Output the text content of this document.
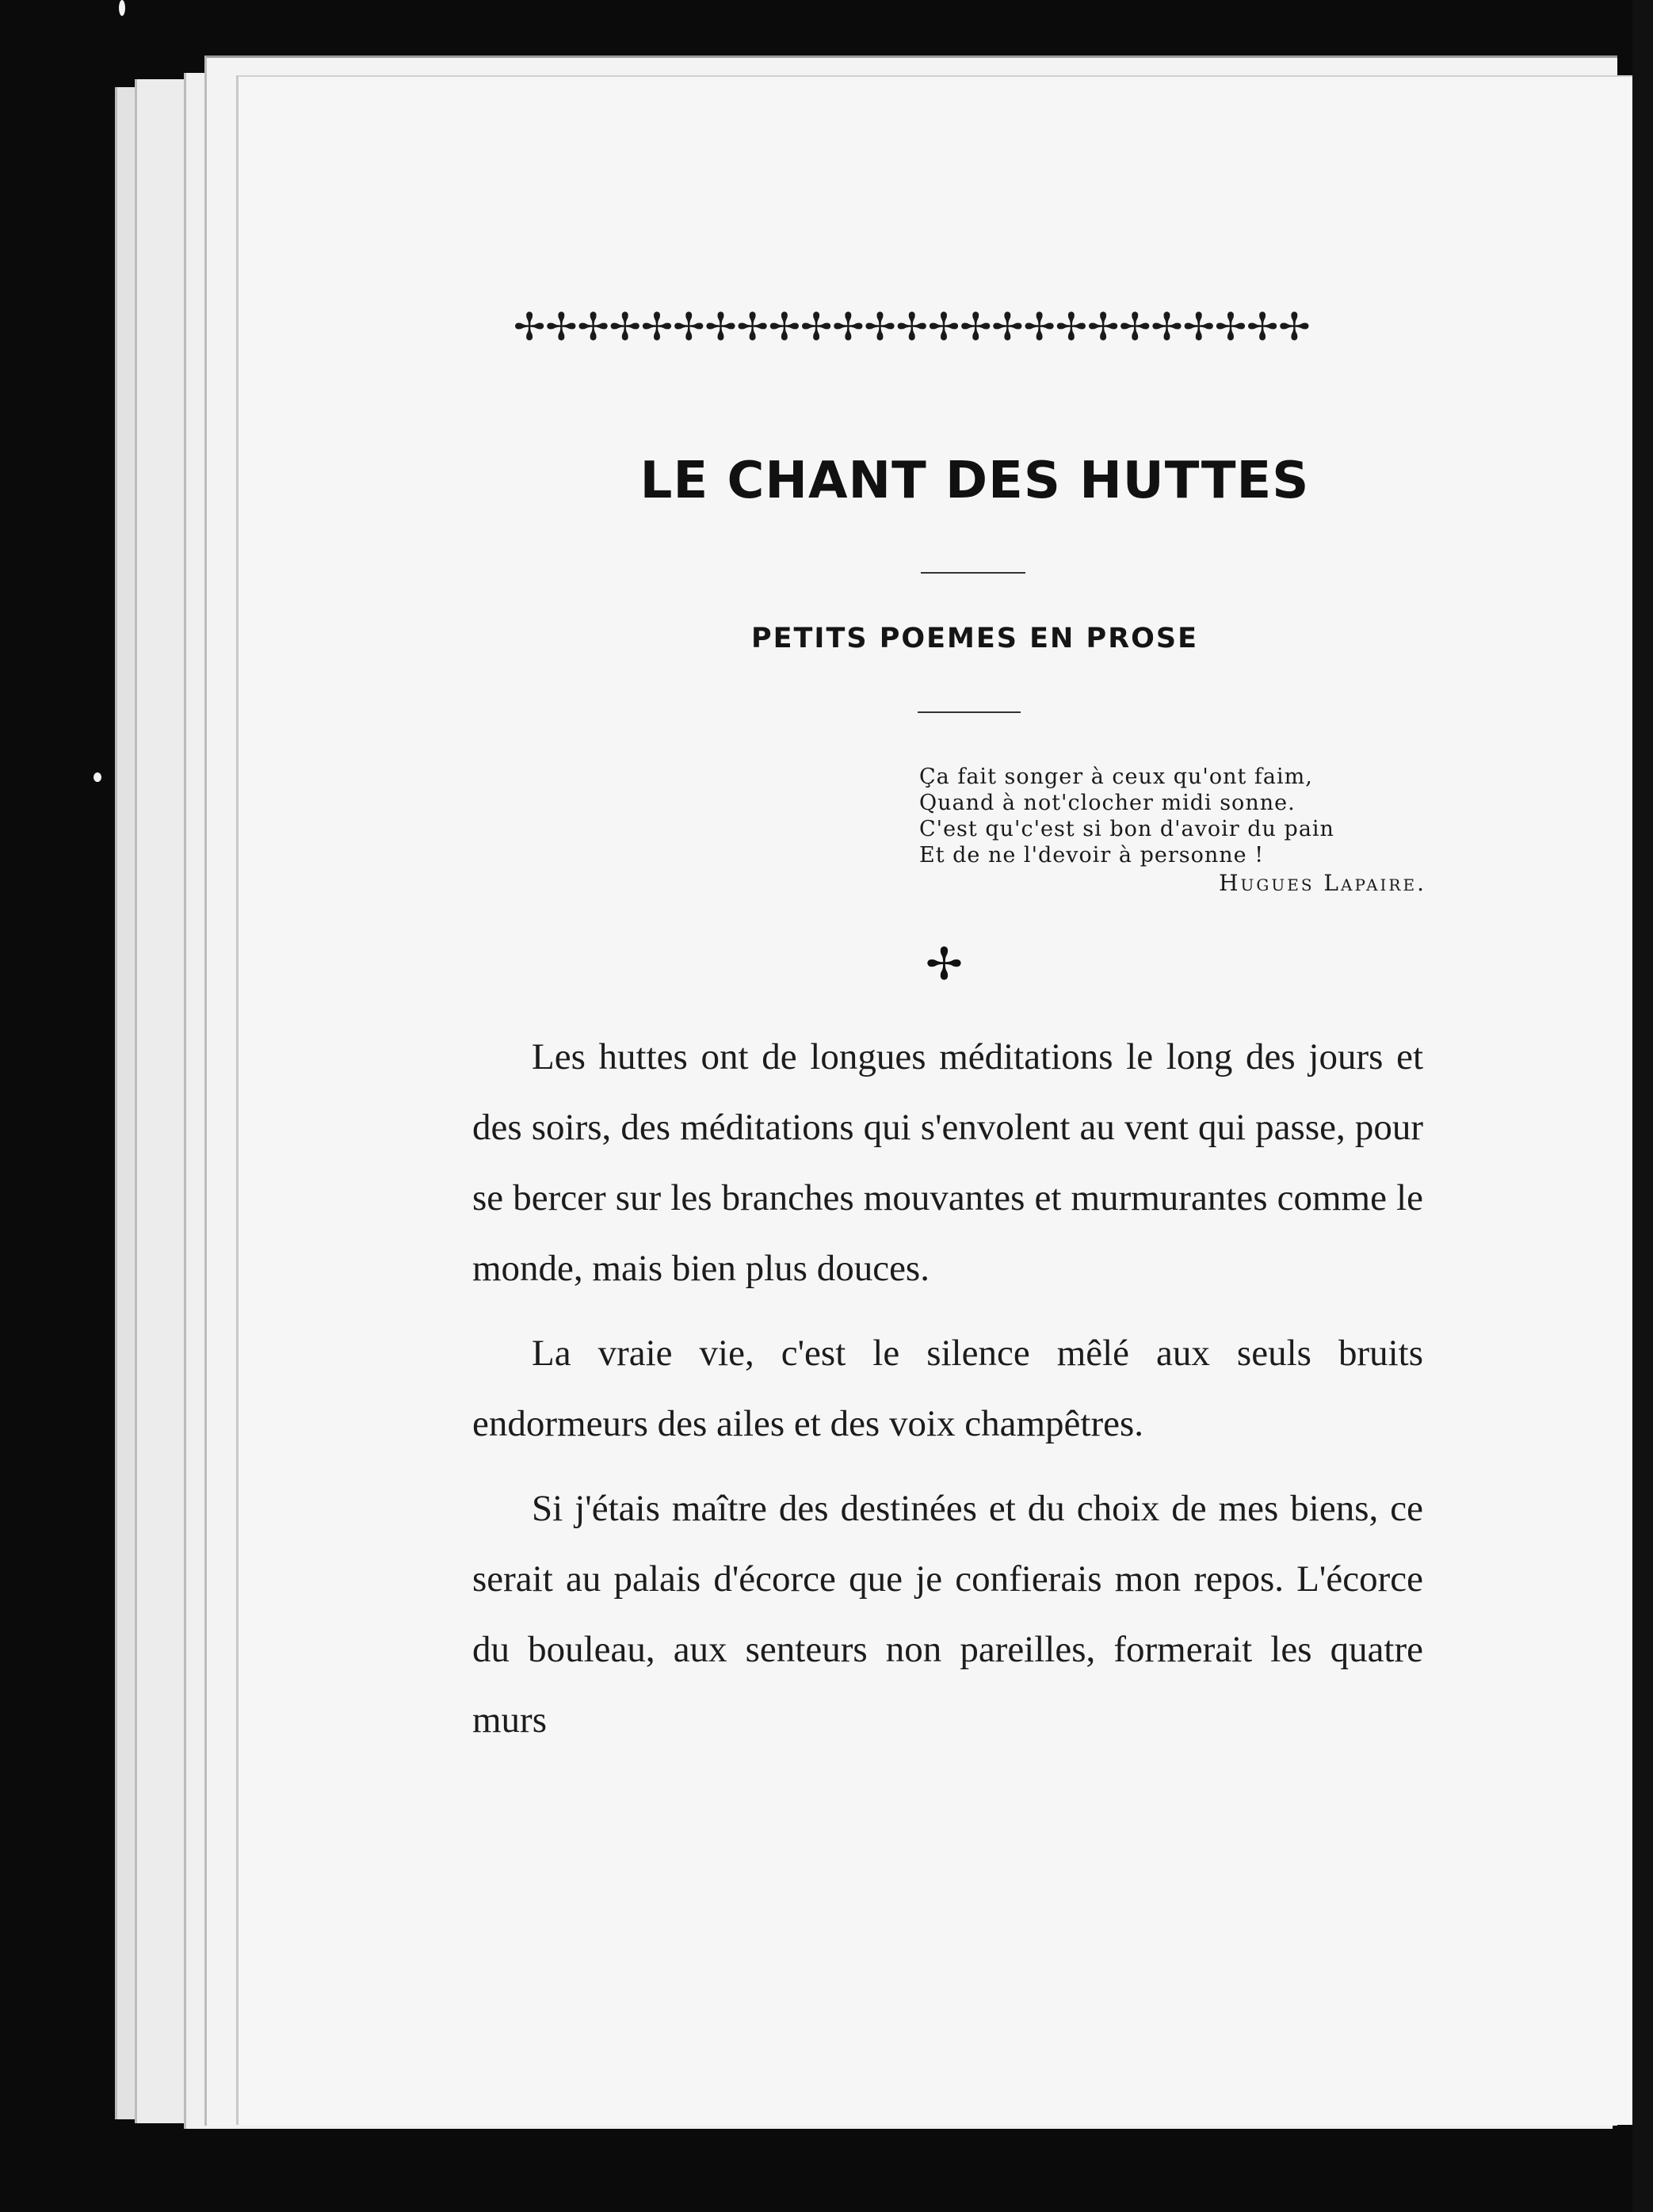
✢✢✢✢✢✢✢✢✢✢✢✢✢✢✢✢✢✢✢✢✢✢✢✢✢
LE CHANT DES HUTTES
PETITS POEMES EN PROSE
Ça fait songer à ceux qu'ont faim,
Quand à not'clocher midi sonne.
C'est qu'c'est si bon d'avoir du pain
Et de ne l'devoir à personne !
Hugues Lapaire.
✢

Les huttes ont de longues méditations le long des jours et des soirs, des méditations qui s'envolent au vent qui passe, pour se bercer sur les branches mouvantes et murmurantes comme le monde, mais bien plus douces.

La vraie vie, c'est le silence mêlé aux seuls bruits endormeurs des ailes et des voix champêtres.

Si j'étais maître des destinées et du choix de mes biens, ce serait au palais d'écorce que je confierais mon repos. L'écorce du bouleau, aux senteurs non pareilles, formerait les quatre murs
